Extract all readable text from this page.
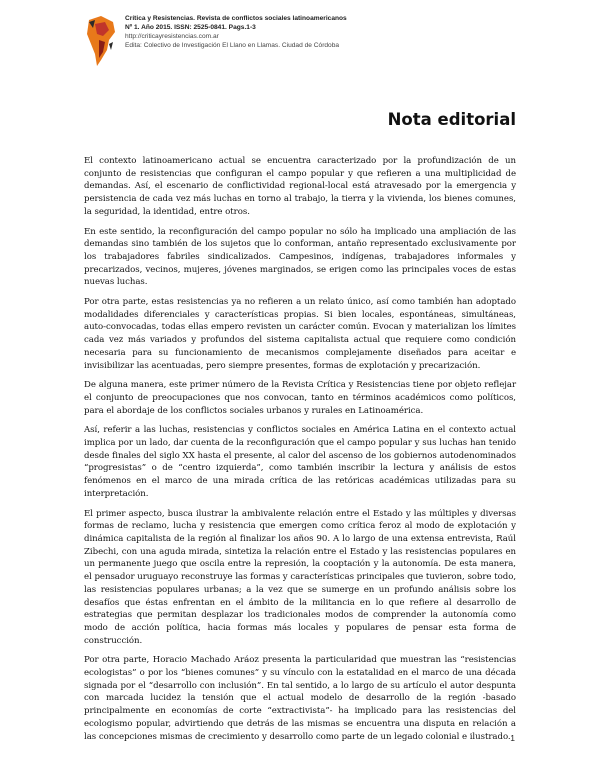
Crítica y Resistencias. Revista de conflictos sociales latinoamericanos
Nº 1. Año 2015. ISSN: 2525-0841. Pags.1-3
http://criticayresistencias.com.ar
Edita: Colectivo de Investigación El Llano en Llamas. Ciudad de Córdoba
Nota editorial

El contexto latinoamericano actual se encuentra caracterizado por la profundización de un conjunto de resistencias que configuran el campo popular y que refieren a una multiplicidad de demandas. Así, el escenario de conflictividad regional-local está atravesado por la emergencia y persistencia de cada vez más luchas en torno al trabajo, la tierra y la vivienda, los bienes comunes, la seguridad, la identidad, entre otros.

En este sentido, la reconfiguración del campo popular no sólo ha implicado una ampliación de las demandas sino también de los sujetos que lo conforman, antaño representado exclusivamente por los trabajadores fabriles sindicalizados. Campesinos, indígenas, trabajadores informales y precarizados, vecinos, mujeres, jóvenes marginados, se erigen como las principales voces de estas nuevas luchas.

Por otra parte, estas resistencias ya no refieren a un relato único, así como también han adoptado modalidades diferenciales y características propias. Si bien locales, espontáneas, simultáneas, auto-convocadas, todas ellas empero revisten un carácter común. Evocan y materializan los límites cada vez más variados y profundos del sistema capitalista actual que requiere como condición necesaria para su funcionamiento de mecanismos complejamente diseñados para aceitar e invisibilizar las acentuadas, pero siempre presentes, formas de explotación y precarización.

De alguna manera, este primer número de la Revista Crítica y Resistencias tiene por objeto reflejar el conjunto de preocupaciones que nos convocan, tanto en términos académicos como políticos, para el abordaje de los conflictos sociales urbanos y rurales en Latinoamérica.

Así, referir a las luchas, resistencias y conflictos sociales en América Latina en el contexto actual implica por un lado, dar cuenta de la reconfiguración que el campo popular y sus luchas han tenido desde finales del siglo XX hasta el presente, al calor del ascenso de los gobiernos autodenominados “progresistas” o de “centro izquierda”, como también inscribir la lectura y análisis de estos fenómenos en el marco de una mirada crítica de las retóricas académicas utilizadas para su interpretación.

El primer aspecto, busca ilustrar la ambivalente relación entre el Estado y las múltiples y diversas formas de reclamo, lucha y resistencia que emergen como crítica feroz al modo de explotación y dinámica capitalista de la región al finalizar los años 90. A lo largo de una extensa entrevista, Raúl Zibechi, con una aguda mirada, sintetiza la relación entre el Estado y las resistencias populares en un permanente juego que oscila entre la represión, la cooptación y la autonomía. De esta manera, el pensador uruguayo reconstruye las formas y características principales que tuvieron, sobre todo, las resistencias populares urbanas; a la vez que se sumerge en un profundo análisis sobre los desafíos que éstas enfrentan en el ámbito de la militancia en lo que refiere al desarrollo de estrategias que permitan desplazar los tradicionales modos de comprender la autonomía como modo de acción política, hacia formas más locales y populares de pensar esta forma de construcción.

Por otra parte, Horacio Machado Aráoz presenta la particularidad que muestran las “resistencias ecologistas” o por los “bienes comunes” y su vínculo con la estatalidad en el marco de una década signada por el “desarrollo con inclusión”. En tal sentido, a lo largo de su artículo el autor despunta con marcada lucidez la tensión que el actual modelo de desarrollo de la región -basado principalmente en economías de corte “extractivista”- ha implicado para las resistencias del ecologismo popular, advirtiendo que detrás de las mismas se encuentra una disputa en relación a las concepciones mismas de crecimiento y desarrollo como parte de un legado colonial e ilustrado. 1
